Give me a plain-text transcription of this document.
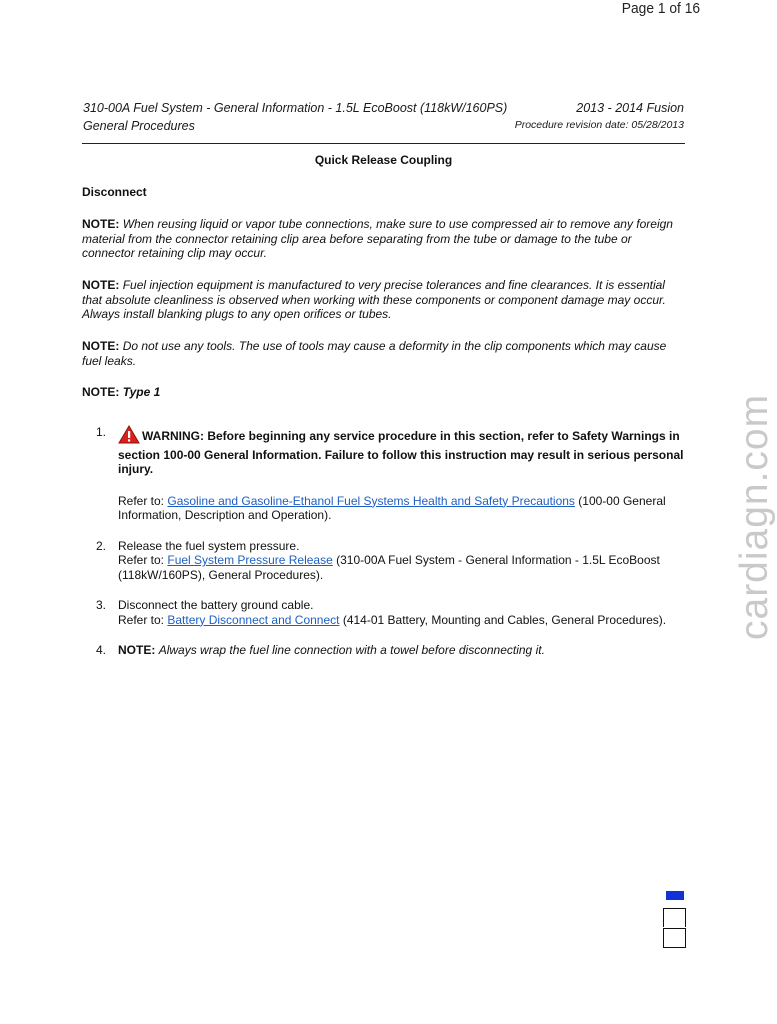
Page 1 of 16
310-00A Fuel System - General Information - 1.5L EcoBoost (118kW/160PS)	2013 - 2014 Fusion
General Procedures	Procedure revision date: 05/28/2013
Quick Release Coupling
Disconnect
NOTE: When reusing liquid or vapor tube connections, make sure to use compressed air to remove any foreign material from the connector retaining clip area before separating from the tube or damage to the tube or connector retaining clip may occur.
NOTE: Fuel injection equipment is manufactured to very precise tolerances and fine clearances. It is essential that absolute cleanliness is observed when working with these components or component damage may occur. Always install blanking plugs to any open orifices or tubes.
NOTE: Do not use any tools. The use of tools may cause a deformity in the clip components which may cause fuel leaks.
NOTE: Type 1
1.	WARNING: Before beginning any service procedure in this section, refer to Safety Warnings in section 100-00 General Information. Failure to follow this instruction may result in serious personal injury.
Refer to: Gasoline and Gasoline-Ethanol Fuel Systems Health and Safety Precautions (100-00 General Information, Description and Operation).
2. Release the fuel system pressure.
Refer to: Fuel System Pressure Release (310-00A Fuel System - General Information - 1.5L EcoBoost (118kW/160PS), General Procedures).
3. Disconnect the battery ground cable.
Refer to: Battery Disconnect and Connect (414-01 Battery, Mounting and Cables, General Procedures).
4. NOTE: Always wrap the fuel line connection with a towel before disconnecting it.
cardiagn.com
